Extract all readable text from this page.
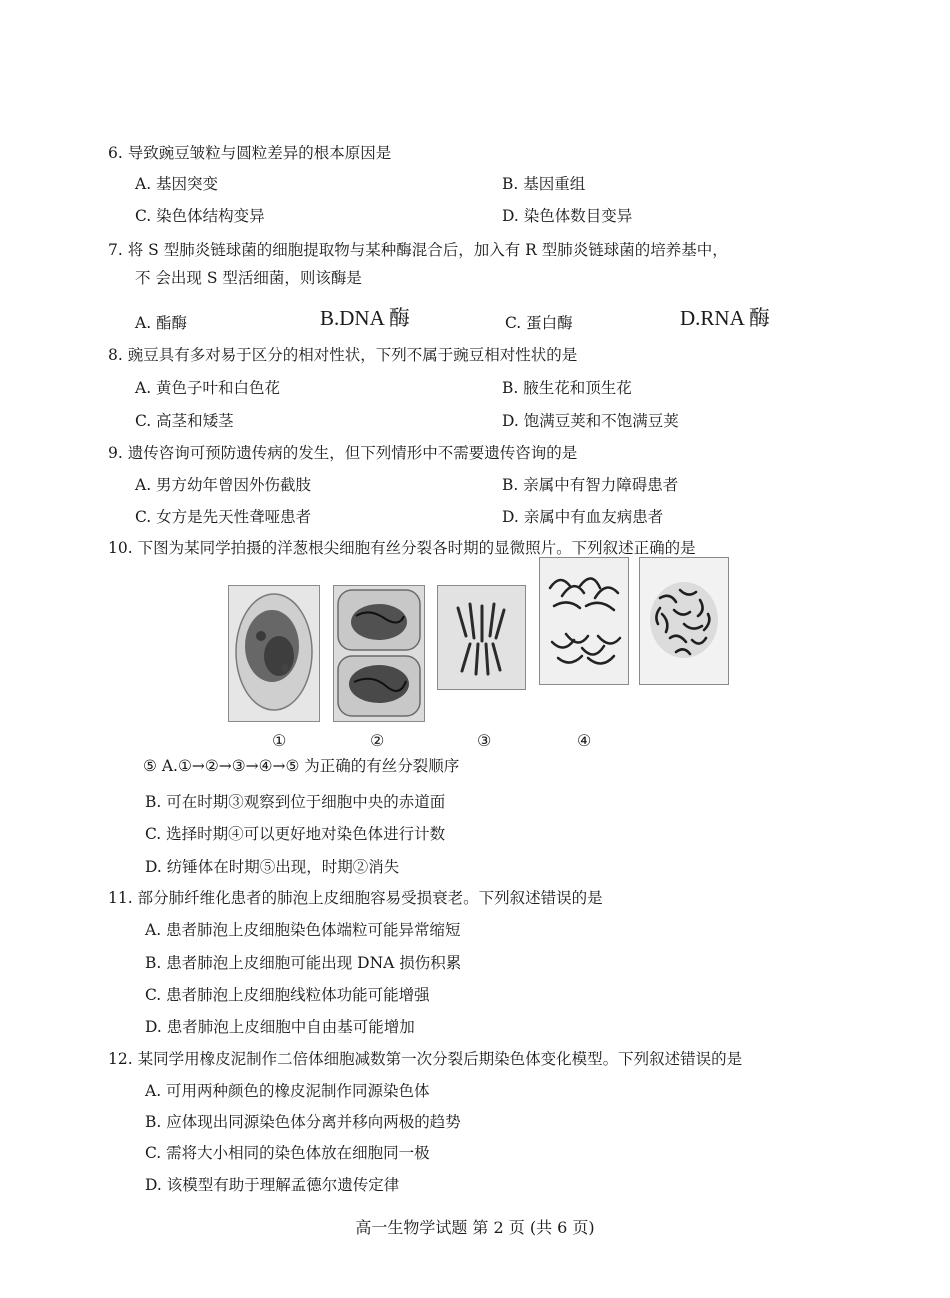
6. 导致豌豆皱粒与圆粒差异的根本原因是
A. 基因突变	B. 基因重组
C. 染色体结构变异	D. 染色体数目变异
7. 将 S 型肺炎链球菌的细胞提取物与某种酶混合后，加入有 R 型肺炎链球菌的培养基中，
不 会出现 S 型活细菌，则该酶是
A. 酯酶	B.DNA 酶	C. 蛋白酶	D.RNA 酶
8. 豌豆具有多对易于区分的相对性状，下列不属于豌豆相对性状的是
A. 黄色子叶和白色花	B. 腋生花和顶生花
C. 高茎和矮茎	D. 饱满豆荚和不饱满豆荚
9. 遗传咨询可预防遗传病的发生，但下列情形中不需要遗传咨询的是
A. 男方幼年曾因外伤截肢	B. 亲属中有智力障碍患者
C. 女方是先天性聋哑患者	D. 亲属中有血友病患者
10. 下图为某同学拍摄的洋葱根尖细胞有丝分裂各时期的显微照片。下列叙述正确的是
①	②	③	④
⑤ A.①→②→③→④→⑤ 为正确的有丝分裂顺序
B. 可在时期③观察到位于细胞中央的赤道面
C. 选择时期④可以更好地对染色体进行计数
D. 纺锤体在时期⑤出现，时期②消失
11. 部分肺纤维化患者的肺泡上皮细胞容易受损衰老。下列叙述错误的是
A. 患者肺泡上皮细胞染色体端粒可能异常缩短
B. 患者肺泡上皮细胞可能出现 DNA 损伤积累
C. 患者肺泡上皮细胞线粒体功能可能增强
D. 患者肺泡上皮细胞中自由基可能增加
12. 某同学用橡皮泥制作二倍体细胞减数第一次分裂后期染色体变化模型。下列叙述错误的是
A. 可用两种颜色的橡皮泥制作同源染色体
B. 应体现出同源染色体分离并移向两极的趋势
C. 需将大小相同的染色体放在细胞同一极
D. 该模型有助于理解孟德尔遗传定律
高一生物学试题 第 2 页 (共 6 页)
